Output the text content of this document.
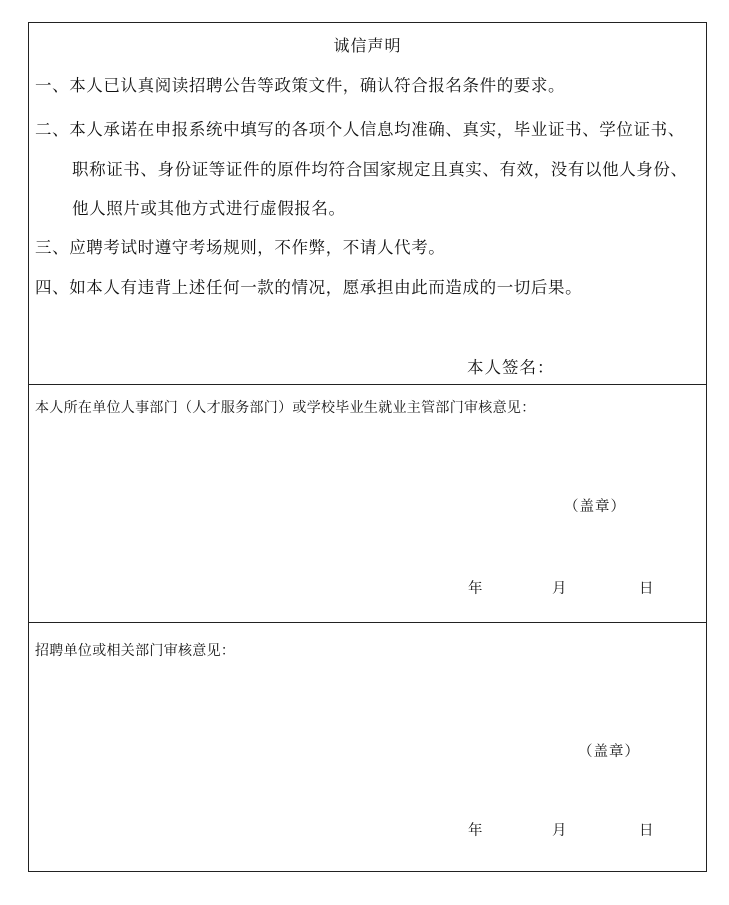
诚信声明
一、本人已认真阅读招聘公告等政策文件，确认符合报名条件的要求。
二、本人承诺在申报系统中填写的各项个人信息均准确、真实，毕业证书、学位证书、
职称证书、身份证等证件的原件均符合国家规定且真实、有效，没有以他人身份、
他人照片或其他方式进行虚假报名。
三、应聘考试时遵守考场规则，不作弊，不请人代考。
四、如本人有违背上述任何一款的情况，愿承担由此而造成的一切后果。
本人签名：
本人所在单位人事部门（人才服务部门）或学校毕业生就业主管部门审核意见：
（盖章）
年	月	日
招聘单位或相关部门审核意见：
（盖章）
年	月	日
